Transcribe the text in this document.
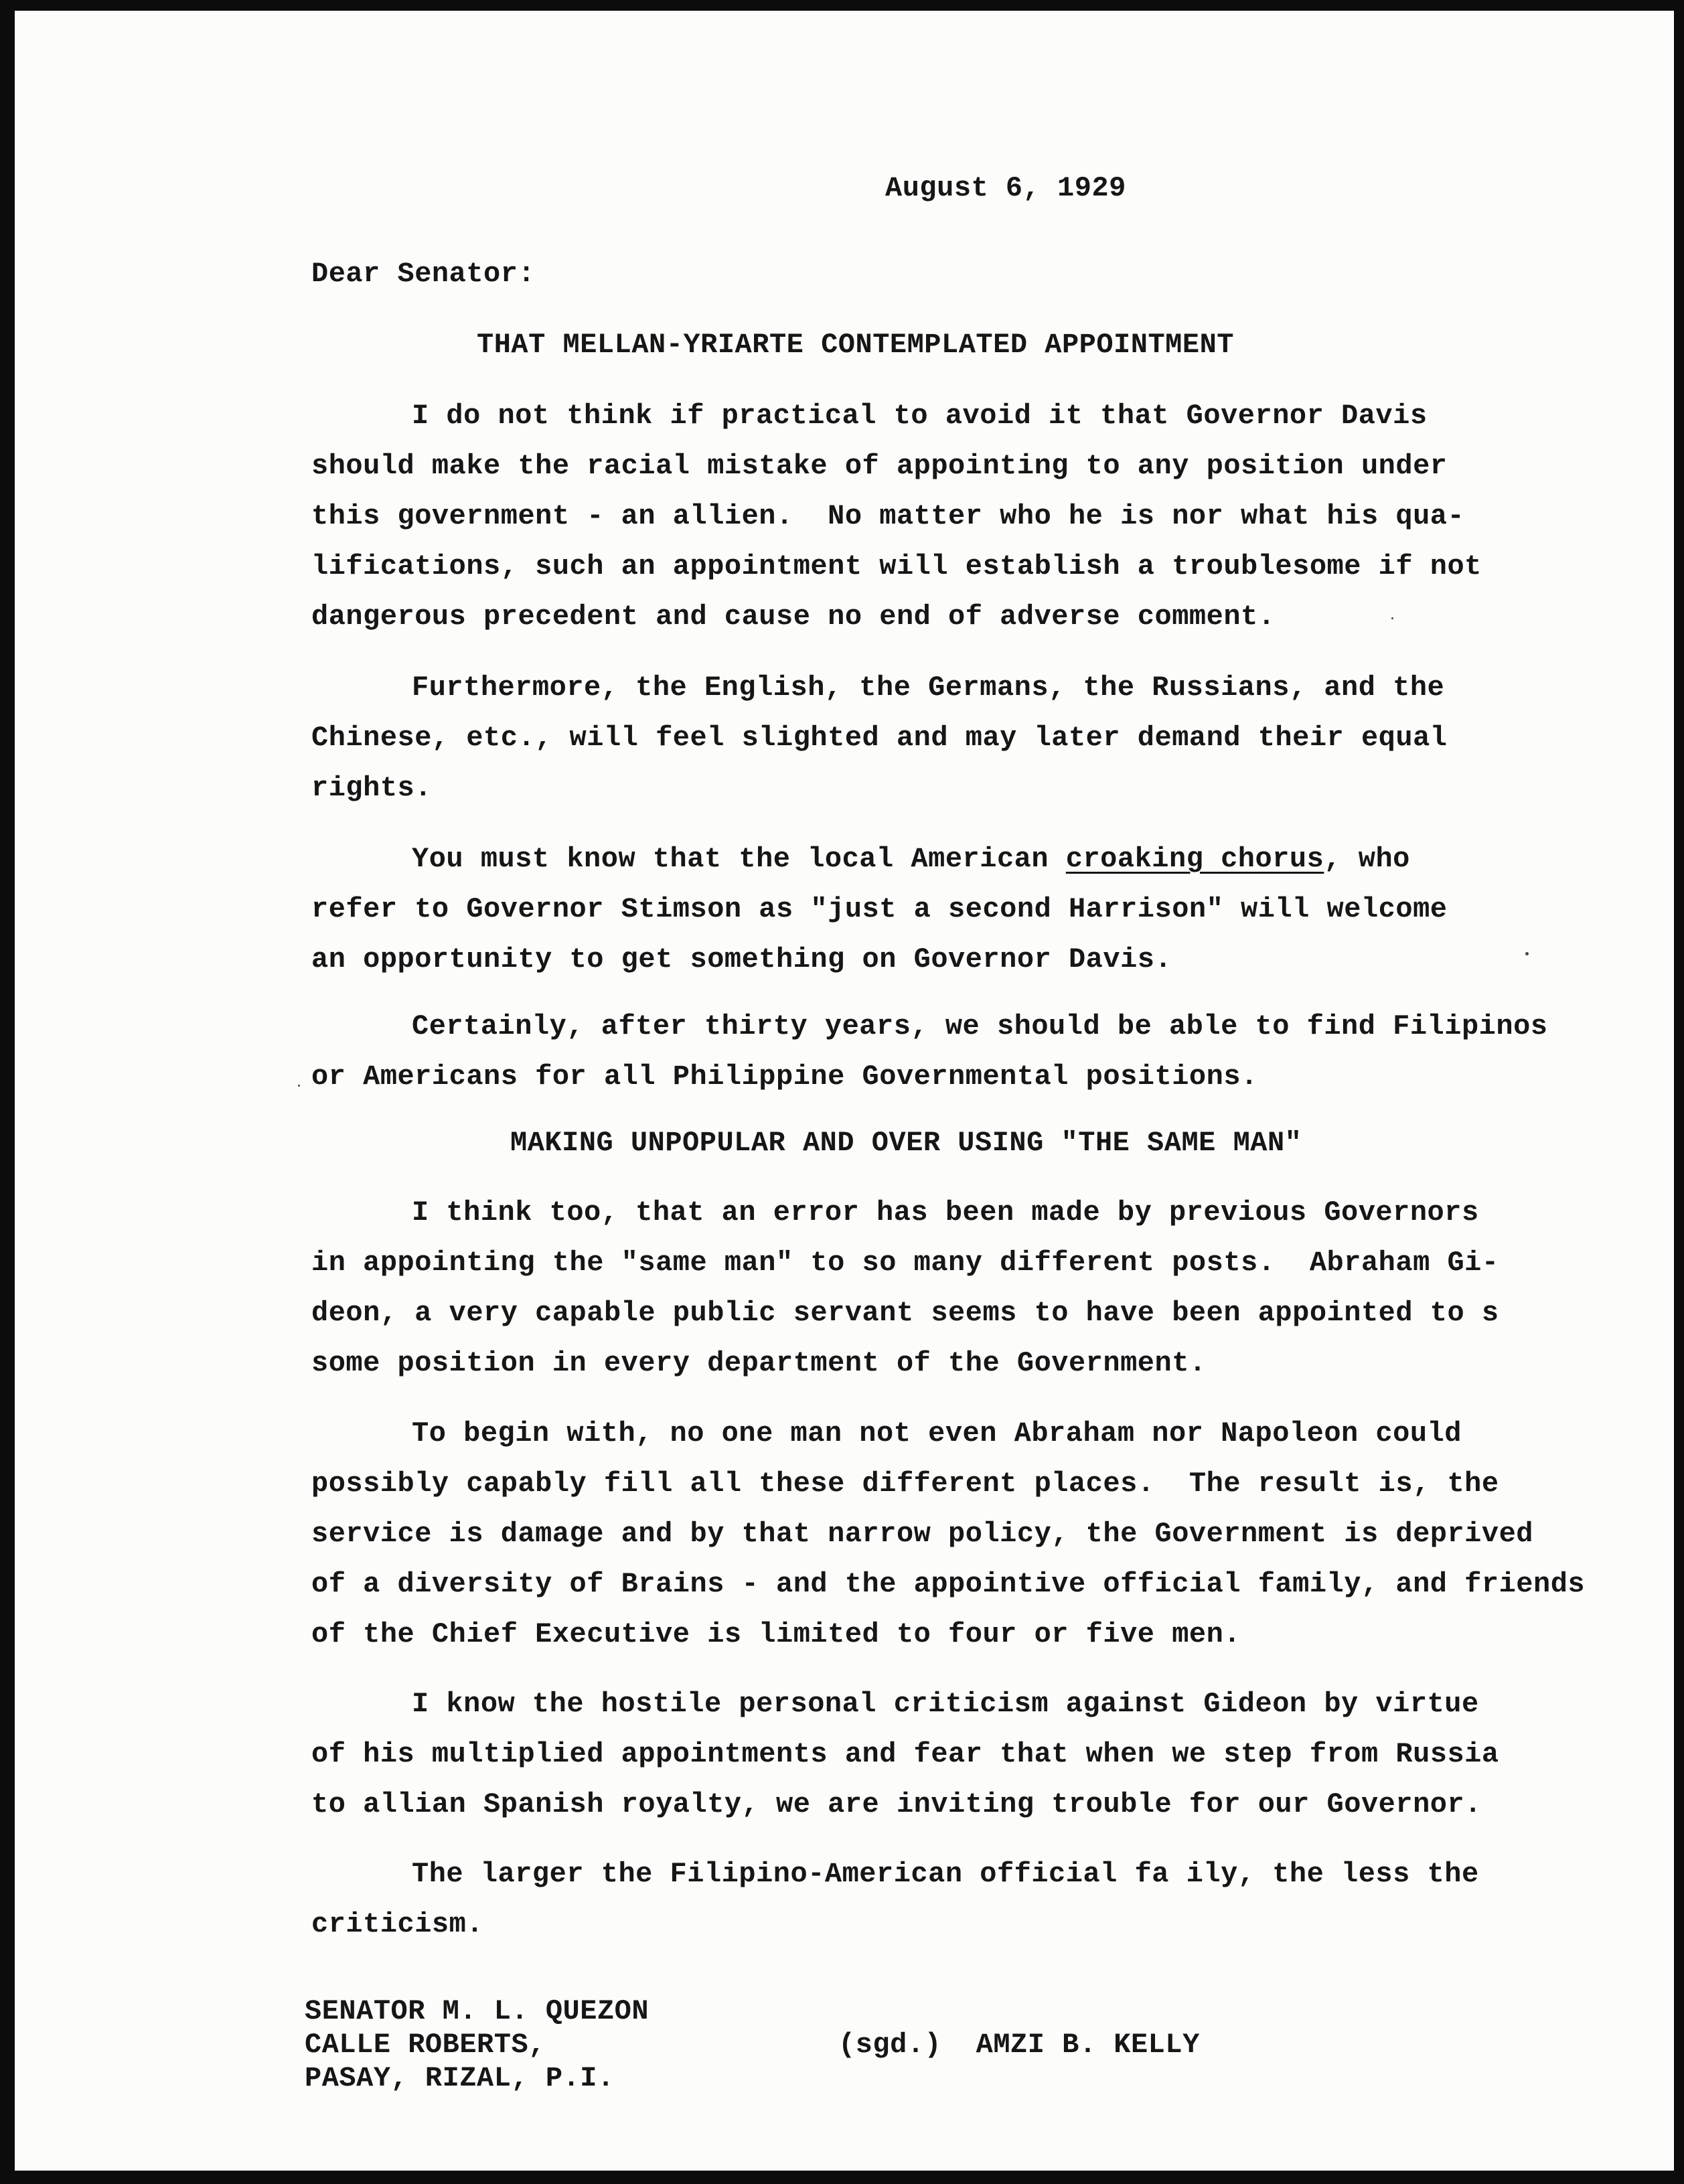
August 6, 1929
Dear Senator:
THAT MELLAN-YRIARTE CONTEMPLATED APPOINTMENT
I do not think if practical to avoid it that Governor Davis
should make the racial mistake of appointing to any position under
this government - an allien.  No matter who he is nor what his qua-
lifications, such an appointment will establish a troublesome if not
dangerous precedent and cause no end of adverse comment.
Furthermore, the English, the Germans, the Russians, and the
Chinese, etc., will feel slighted and may later demand their equal
rights.
You must know that the local American croaking chorus, who
refer to Governor Stimson as "just a second Harrison" will welcome
an opportunity to get something on Governor Davis.
Certainly, after thirty years, we should be able to find Filipinos
or Americans for all Philippine Governmental positions.
MAKING UNPOPULAR AND OVER USING "THE SAME MAN"
I think too, that an error has been made by previous Governors
in appointing the "same man" to so many different posts.  Abraham Gi-
deon, a very capable public servant seems to have been appointed to s
some position in every department of the Government.
To begin with, no one man not even Abraham nor Napoleon could
possibly capably fill all these different places.  The result is, the
service is damage and by that narrow policy, the Government is deprived
of a diversity of Brains - and the appointive official family, and friends
of the Chief Executive is limited to four or five men.
I know the hostile personal criticism against Gideon by virtue
of his multiplied appointments and fear that when we step from Russia
to allian Spanish royalty, we are inviting trouble for our Governor.
The larger the Filipino-American official fa ily, the less the
criticism.
SENATOR M. L. QUEZON
CALLE ROBERTS,
PASAY, RIZAL, P.I.
(sgd.)  AMZI B. KELLY
